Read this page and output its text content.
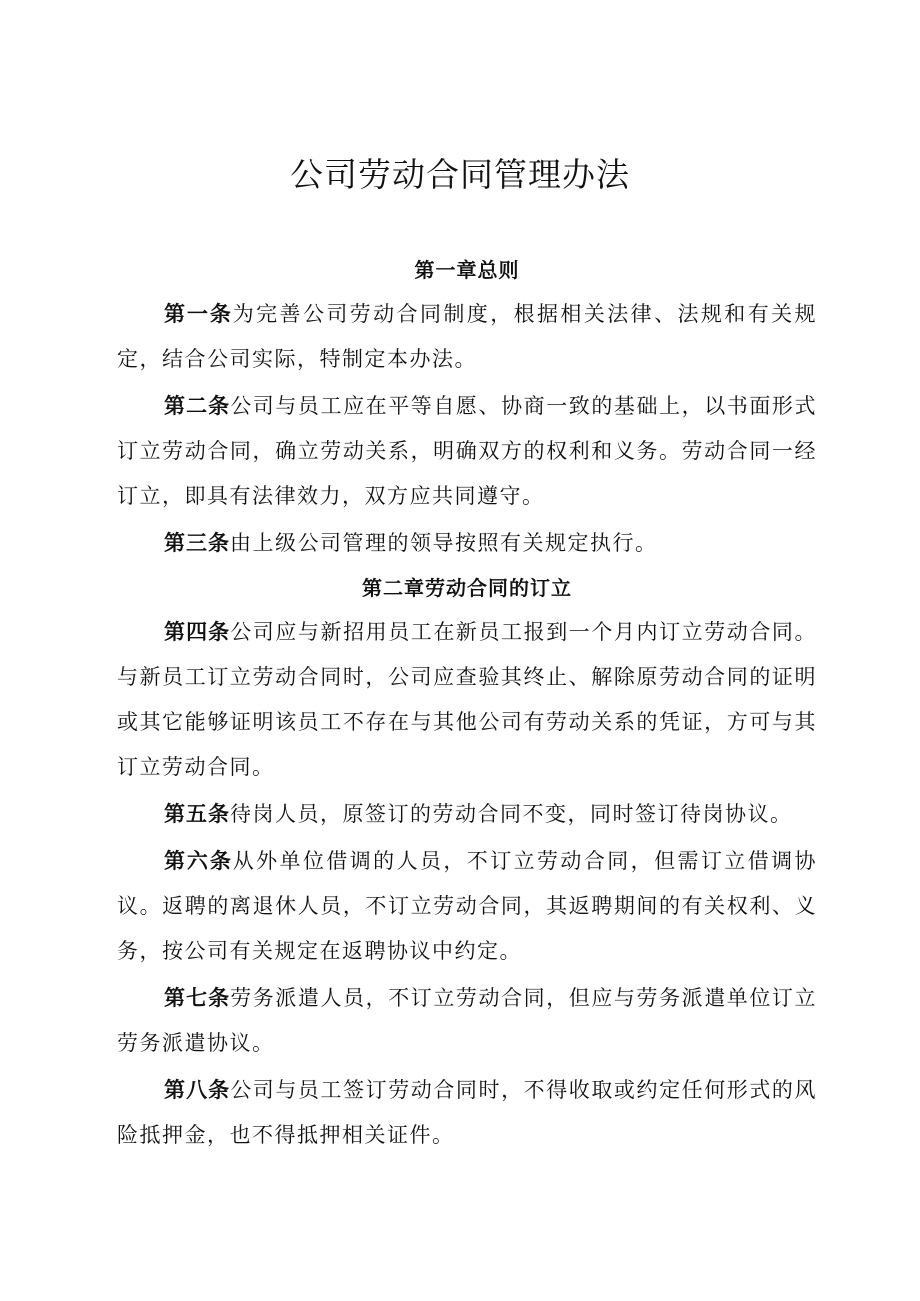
公司劳动合同管理办法
第一章总则

第一条为完善公司劳动合同制度，根据相关法律、法规和有关规定，结合公司实际，特制定本办法。

第二条公司与员工应在平等自愿、协商一致的基础上，以书面形式订立劳动合同，确立劳动关系，明确双方的权利和义务。劳动合同一经订立，即具有法律效力，双方应共同遵守。

第三条由上级公司管理的领导按照有关规定执行。

第二章劳动合同的订立

第四条公司应与新招用员工在新员工报到一个月内订立劳动合同。与新员工订立劳动合同时，公司应查验其终止、解除原劳动合同的证明或其它能够证明该员工不存在与其他公司有劳动关系的凭证，方可与其订立劳动合同。

第五条待岗人员，原签订的劳动合同不变，同时签订待岗协议。

第六条从外单位借调的人员，不订立劳动合同，但需订立借调协议。返聘的离退休人员，不订立劳动合同，其返聘期间的有关权利、义务，按公司有关规定在返聘协议中约定。

第七条劳务派遣人员，不订立劳动合同，但应与劳务派遣单位订立劳务派遣协议。

第八条公司与员工签订劳动合同时，不得收取或约定任何形式的风险抵押金，也不得抵押相关证件。
